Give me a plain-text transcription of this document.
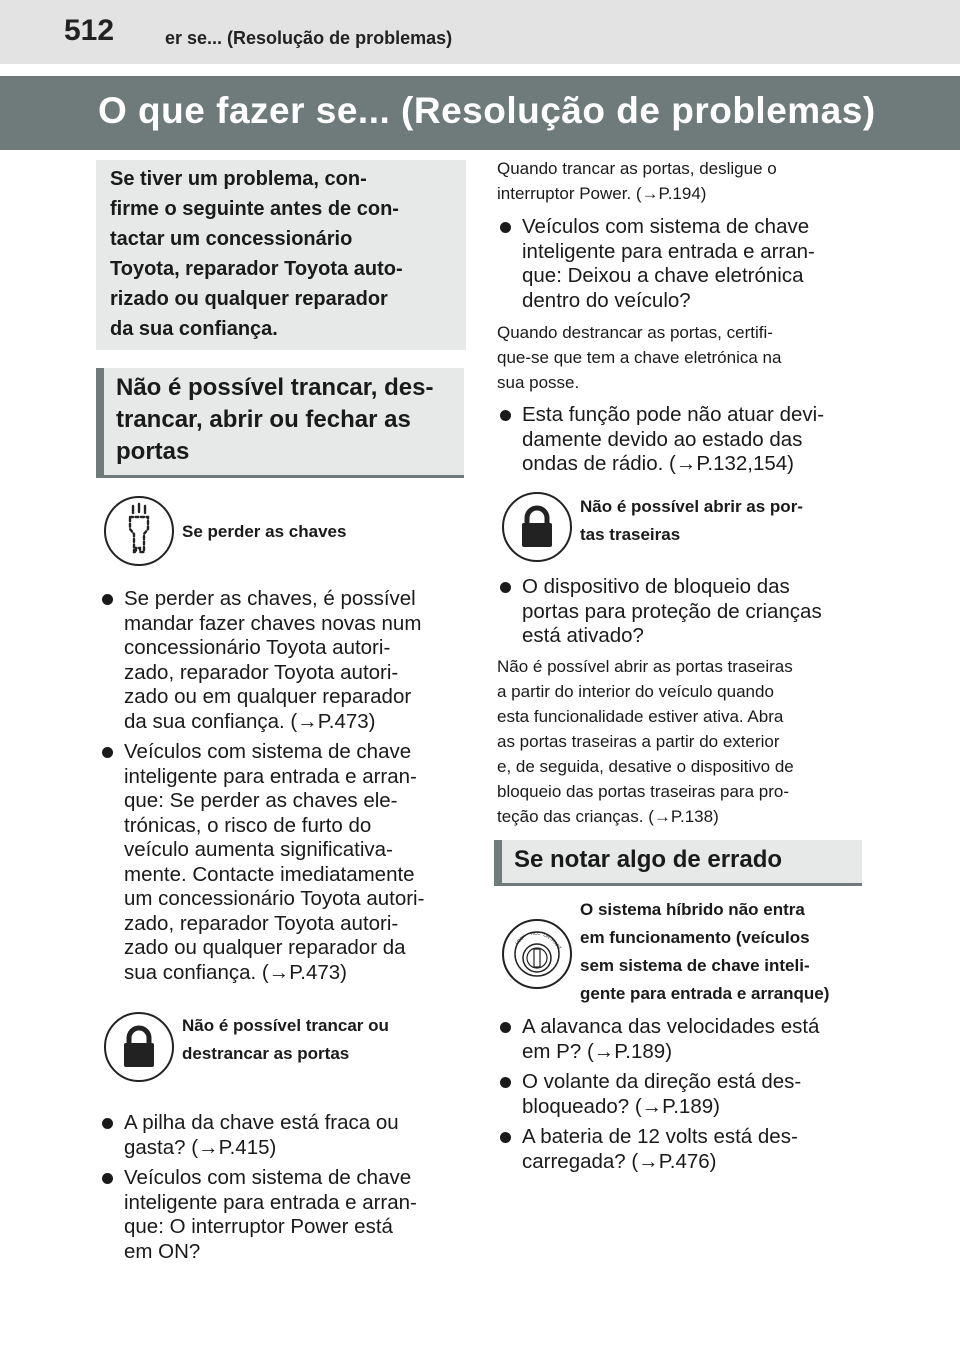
512	er se... (Resolução de problemas)
O que fazer se... (Resolução de problemas)

Se tiver um problema, con-

firme o seguinte antes de con-

tactar um concessionário

Toyota, reparador Toyota auto-

rizado ou qualquer reparador

da sua confiança.

Não é possível trancar, des-
trancar, abrir ou fechar as
portas
Se perder as chaves
Se perder as chaves, é possível
mandar fazer chaves novas num
concessionário Toyota autori-
zado, reparador Toyota autori-
zado ou em qualquer reparador
da sua confiança. (→P.473)
Veículos com sistema de chave
inteligente para entrada e arran-
que: Se perder as chaves ele-
trónicas, o risco de furto do
veículo aumenta significativa-
mente. Contacte imediatamente
um concessionário Toyota autori-
zado, reparador Toyota autori-
zado ou qualquer reparador da
sua confiança. (→P.473)
Não é possível trancar ou
destrancar as portas
A pilha da chave está fraca ou
gasta? (→P.415)
Veículos com sistema de chave
inteligente para entrada e arran-
que: O interruptor Power está
em ON?
Quando trancar as portas, desligue o
interruptor Power. (→P.194)
Veículos com sistema de chave
inteligente para entrada e arran-
que: Deixou a chave eletrónica
dentro do veículo?
Quando destrancar as portas, certifi-
que-se que tem a chave eletrónica na
sua posse.
Esta função pode não atuar devi-
damente devido ao estado das
ondas de rádio. (→P.132,154)
Não é possível abrir as por-
tas traseiras
O dispositivo de bloqueio das
portas para proteção de crianças
está ativado?
Não é possível abrir as portas traseiras
a partir do interior do veículo quando
esta funcionalidade estiver ativa. Abra
as portas traseiras a partir do exterior
e, de seguida, desative o dispositivo de
bloqueio das portas traseiras para pro-
teção das crianças. (→P.138)
Se notar algo de errado
LOCK ACC ON
START
O sistema híbrido não entra
em funcionamento (veículos
sem sistema de chave inteli-
gente para entrada e arranque)
A alavanca das velocidades está
em P? (→P.189)
O volante da direção está des-
bloqueado? (→P.189)
A bateria de 12 volts está des-
carregada? (→P.476)
